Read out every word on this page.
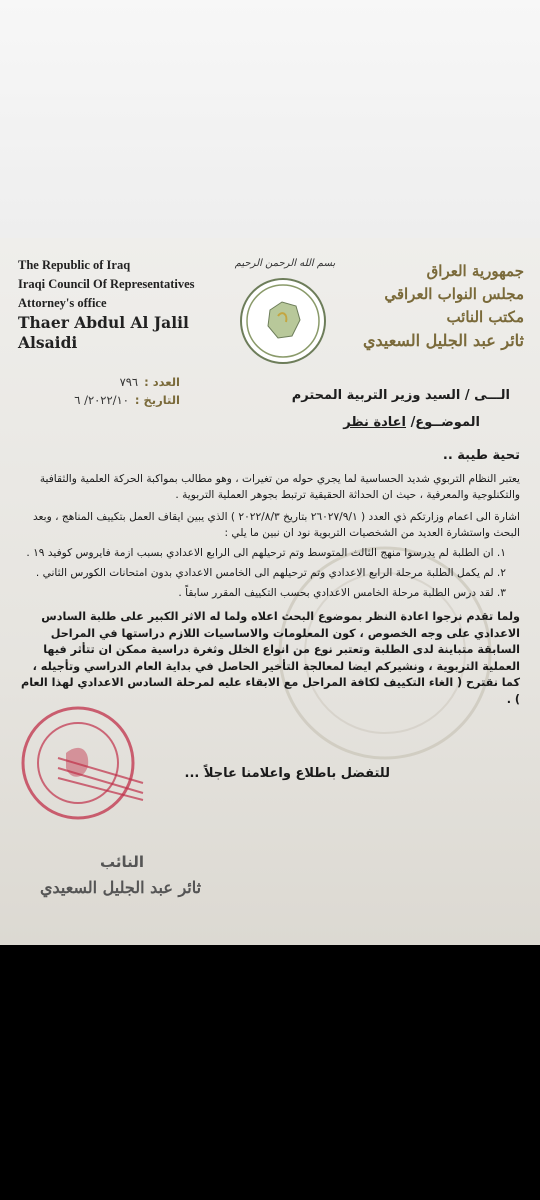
The Republic of Iraq
Iraqi Council Of Representatives
Attorney's office
Thaer Abdul Al Jalil
Alsaidi
بسم الله الرحمن الرحيم	جمهورية العراق
مجلس النواب العراقي
مكتب النائب
ثائر عبد الجليل السعيدي
العدد :٧٩٦
التاريخ :٢٠٢٢/١٠/ ٦	الـــى / السيد وزير التربية المحترم
الموضــوع/ اعادة نظر
تحية طيبة ..
يعتبر النظام التربوي شديد الحساسية لما يجري حوله من تغيرات ، وهو مطالب بمواكبة الحركة العلمية والثقافية والتكنلوجية والمعرفية ، حيث ان الحداثة الحقيقية ترتبط بجوهر العملية التربوية .
اشارة الى اعمام وزارتكم ذي العدد ( ٢٦٠٢٧/٩/١ بتاريخ ٢٠٢٢/٨/٣ ) الذي يبين ايقاف العمل بتكييف المناهج ، وبعد البحث واستشارة العديد من الشخصيات التربوية نود ان نبين ما يلي :
١. ان الطلبة لم يدرسوا منهج الثالث المتوسط وتم ترحيلهم الى الرابع الاعدادي بسبب ازمة فايروس كوفيد ١٩ .
٢. لم يكمل الطلبة مرحلة الرابع الاعدادي وتم ترحيلهم الى الخامس الاعدادي بدون امتحانات الكورس الثاني .
٣. لقد درس الطلبة مرحلة الخامس الاعدادي بحسب التكييف المقرر سابقاً .
ولما تقدم نرجوا اعادة النظر بموضوع البحث اعلاه ولما له الاثر الكبير على طلبة السادس الاعدادي على وجه الخصوص ، كون المعلومات والاساسيات اللازم دراستها في المراحل السابقة متباينة لدى الطلبة وتعتبر نوع من انواع الخلل وثغرة دراسية ممكن ان تتأثر فيها العملية التربوية ، ونشيركم ايضا لمعالجة التأخير الحاصل في بداية العام الدراسي وتأجيله ، كما نقترح ( الغاء التكييف لكافة المراحل مع الابقاء عليه لمرحلة السادس الاعدادي لهذا العام ) .
للتفضل باطلاع واعلامنا عاجلاً ...
النائب
ثائر عبد الجليل السعيدي
